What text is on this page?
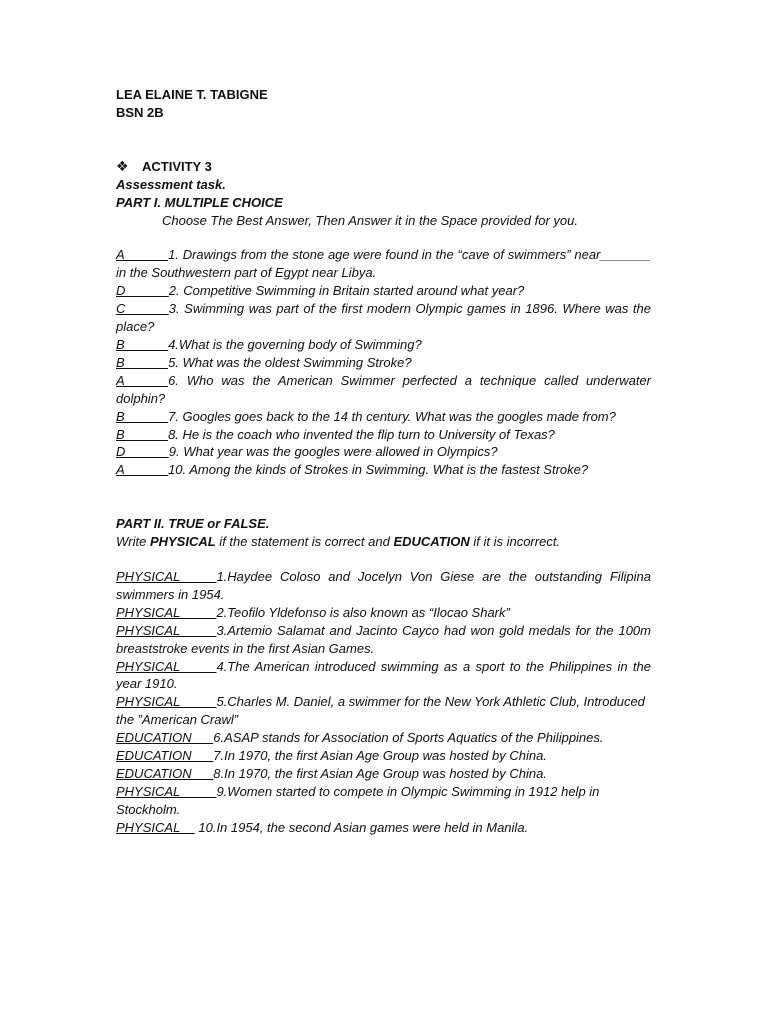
LEA ELAINE T. TABIGNE
BSN 2B
❖ ACTIVITY 3
Assessment task.
PART I. MULTIPLE CHOICE
Choose The Best Answer, Then Answer it in the Space provided for you.
A______1. Drawings from the stone age were found in the “cave of swimmers” near_______ in the Southwestern part of Egypt near Libya.
D______2. Competitive Swimming in Britain started around what year?
C______3. Swimming was part of the first modern Olympic games in 1896. Where was the place?
B______4.What is the governing body of Swimming?
B______5. What was the oldest Swimming Stroke?
A______6. Who was the American Swimmer perfected a technique called underwater dolphin?
B______7. Googles goes back to the 14 th century. What was the googles made from?
B______8. He is the coach who invented the flip turn to University of Texas?
D______9. What year was the googles were allowed in Olympics?
A______10. Among the kinds of Strokes in Swimming. What is the fastest Stroke?
PART II. TRUE or FALSE.
Write PHYSICAL if the statement is correct and EDUCATION if it is incorrect.
PHYSICAL_____1.Haydee Coloso and Jocelyn Von Giese are the outstanding Filipina swimmers in 1954.
PHYSICAL_____2.Teofilo Yldefonso is also known as “Ilocao Shark”
PHYSICAL_____3.Artemio Salamat and Jacinto Cayco had won gold medals for the 100m breaststroke events in the first Asian Games.
PHYSICAL_____4.The American introduced swimming as a sport to the Philippines in the year 1910.
PHYSICAL_____5.Charles M. Daniel, a swimmer for the New York Athletic Club, Introduced the ”American Crawl”
EDUCATION___6.ASAP stands for Association of Sports Aquatics of the Philippines.
EDUCATION___7.In 1970, the first Asian Age Group was hosted by China.
EDUCATION___8.In 1970, the first Asian Age Group was hosted by China.
PHYSICAL_____9.Women started to compete in Olympic Swimming in 1912 help in Stockholm.
PHYSICAL__ 10.In 1954, the second Asian games were held in Manila.
